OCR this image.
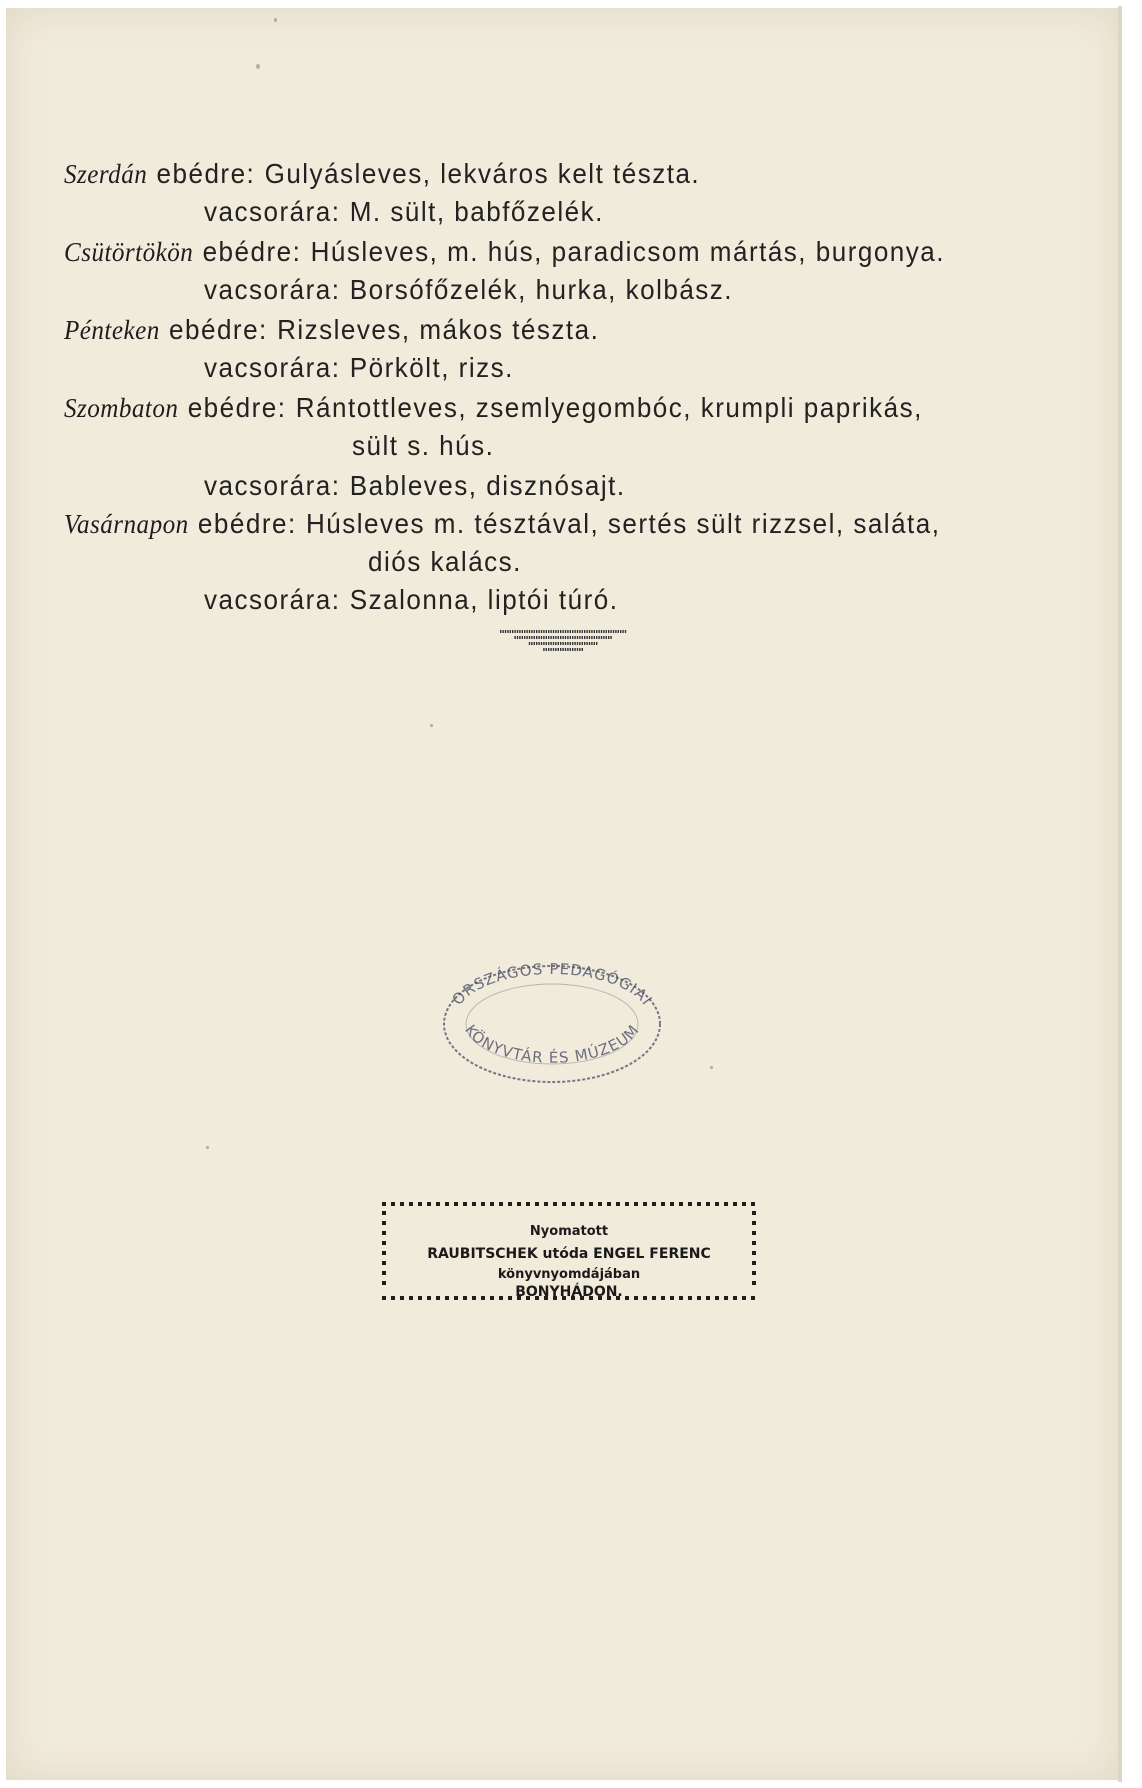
Szerdán ebédre: Gulyásleves, lekváros kelt tészta.
vacsorára: M. sült, babfőzelék.
Csütörtökön ebédre: Húsleves, m. hús, paradicsom mártás, burgonya.
vacsorára: Borsófőzelék, hurka, kolbász.
Pénteken ebédre: Rizsleves, mákos tészta.
vacsorára: Pörkölt, rizs.
Szombaton ebédre: Rántottleves, zsemlyegombóc, krumpli paprikás,
sült s. hús.
vacsorára: Bableves, disznósajt.
Vasárnapon ebédre: Húsleves m. tésztával, sertés sült rizzsel, saláta,
diós kalács.
vacsorára: Szalonna, liptói túró.
ORSZÁGOS PEDAGÓGIAI
KÖNYVTÁR ÉS MÚZEUM
Nyomatott
RAUBITSCHEK utóda ENGEL FERENC
könyvnyomdájában
BONYHÁDON.
